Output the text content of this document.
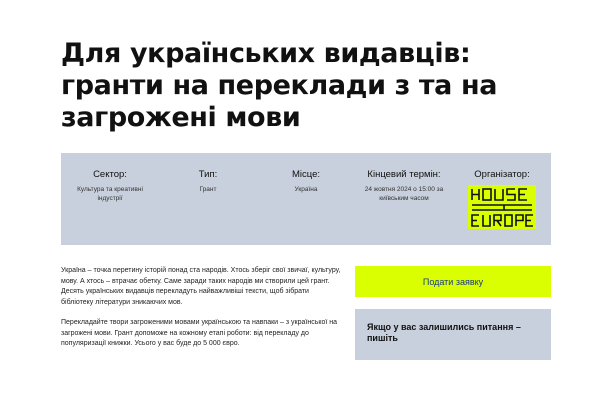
Для українських видавців: гранти на переклади з та на загрожені мови
Сектор:
Культура та креативні індустрії
Тип:
Грант
Місце:
Україна
Кінцевий термін:
24 жовтня 2024 о 15:00 за київським часом
Організатор:

Україна – точка перетину історій понад ста народів. Хтось зберіг свої звичаї, культуру, мову. А хтось – втрачає обетку. Саме заради таких народів ми створили цей грант. Десять українських видавців перекладуть найважливіші тексти, щоб зібрати бібліотеку літератури зникаючих мов.

Перекладайте твори загроженими мовами українською та навпаки – з української на загрожені мови. Грант допоможе на кожному етапі роботи: від перекладу до популяризації книжки. Усього у вас буде до 5 000 євро.

Подати заявку
Якщо у вас залишились питання – пишіть
